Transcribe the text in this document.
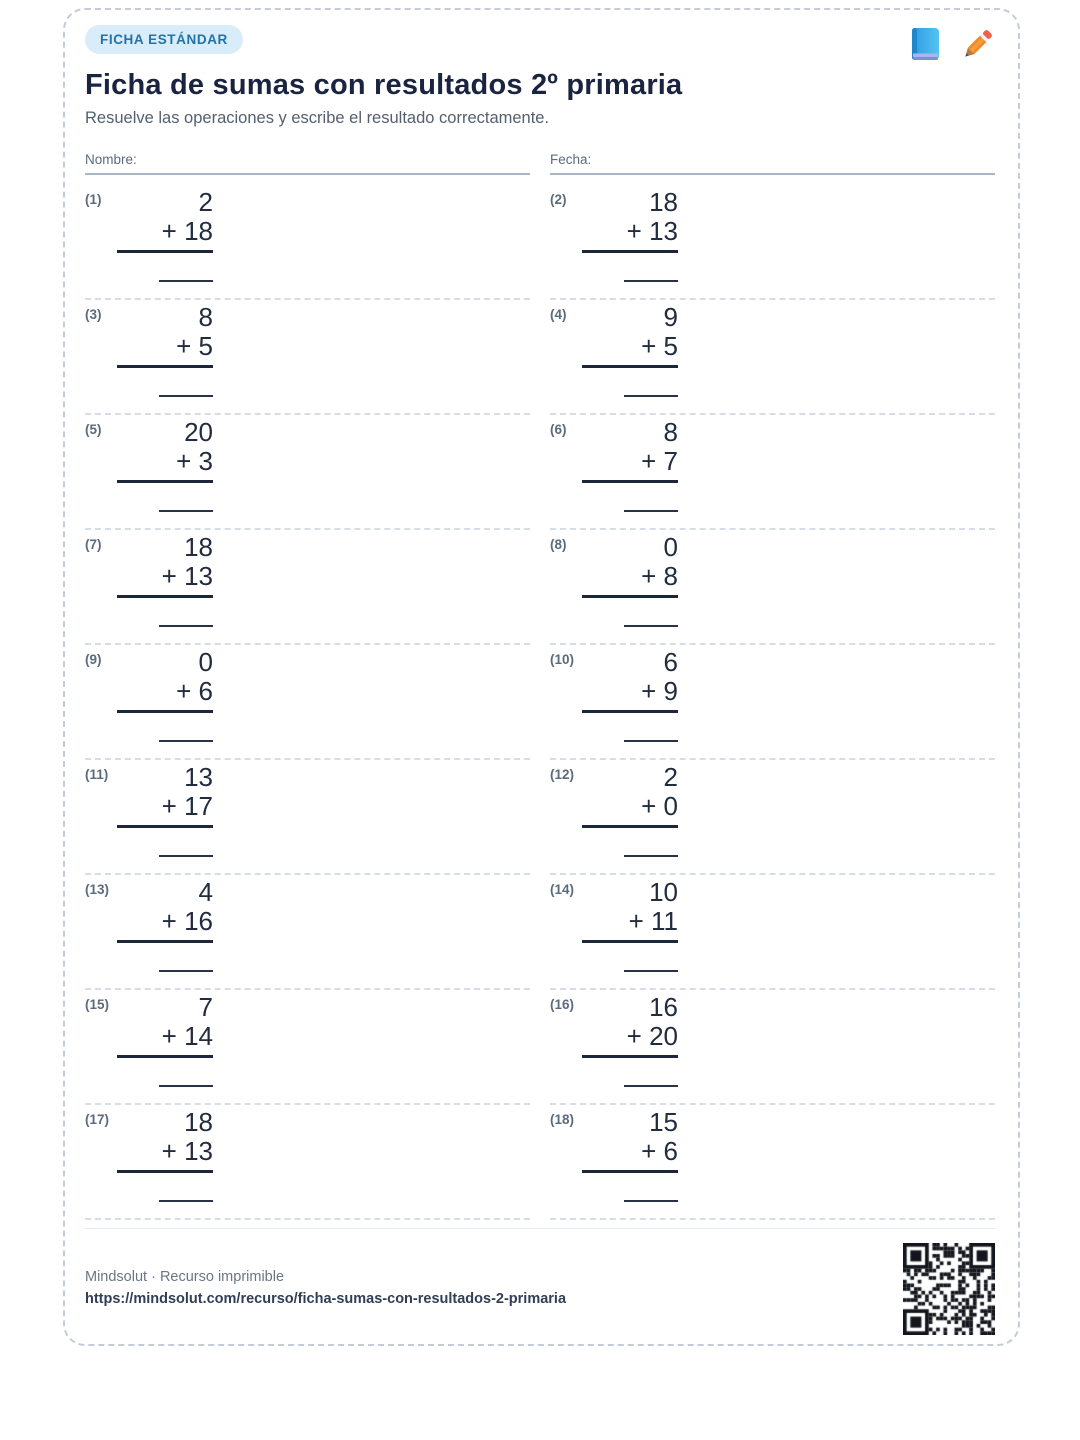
FICHA ESTÁNDAR
Ficha de sumas con resultados 2º primaria

Resuelve las operaciones y escribe el resultado correctamente.

Nombre:	Fecha:
(1)	2
+ 18
(2)	18
+ 13
(3)	8
+ 5
(4)	9
+ 5
(5)	20
+ 3
(6)	8
+ 7
(7)	18
+ 13
(8)	0
+ 8
(9)	0
+ 6
(10)	6
+ 9
(11)	13
+ 17
(12)	2
+ 0
(13)	4
+ 16
(14)	10
+ 11
(15)	7
+ 14
(16)	16
+ 20
(17)	18
+ 13
(18)	15
+ 6
Mindsolut · Recurso imprimible
https://mindsolut.com/recurso/ficha-sumas-con-resultados-2-primaria
